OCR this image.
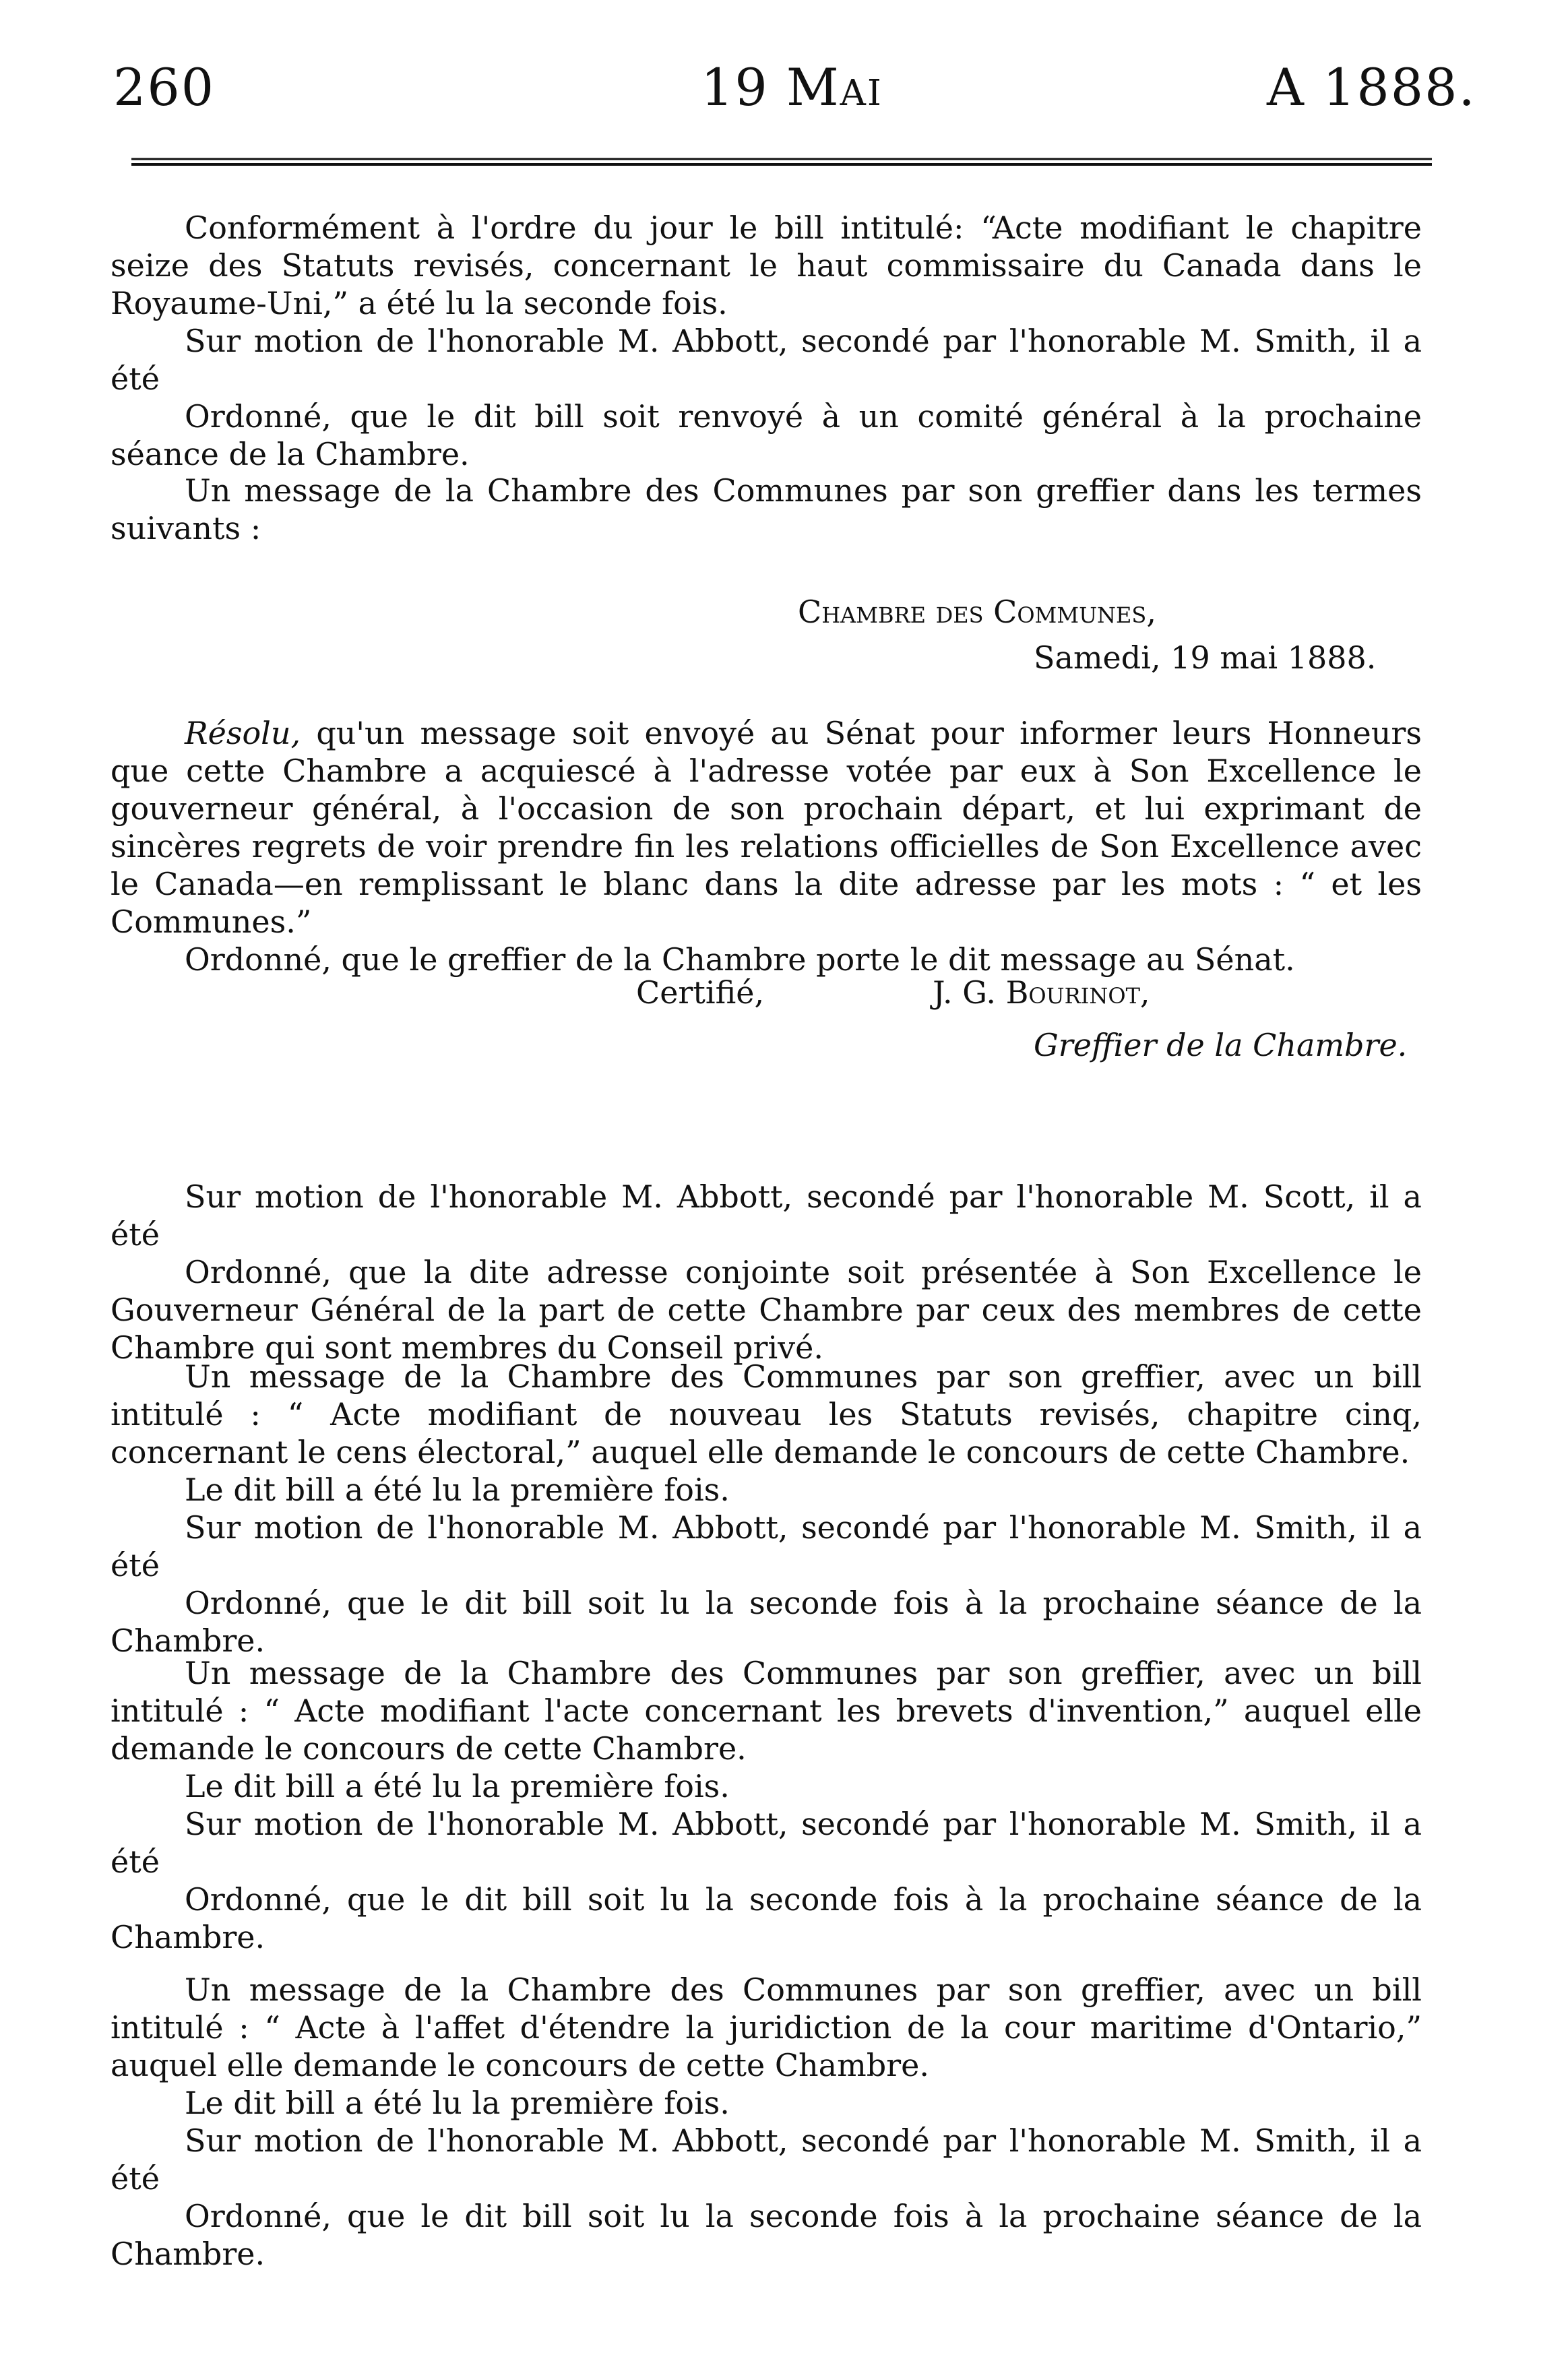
260	19 Mai	A 1888.

Conformément à l'ordre du jour le bill intitulé: “Acte modifiant le chapitre seize des Statuts revisés, concernant le haut commissaire du Canada dans le Royaume-Uni,” a été lu la seconde fois.

Sur motion de l'honorable M. Abbott, secondé par l'honorable M. Smith, il a été

Ordonné, que le dit bill soit renvoyé à un comité général à la prochaine séance de la Chambre.

Un message de la Chambre des Communes par son greffier dans les termes suivants :

Chambre des Communes,

Samedi, 19 mai 1888.

Résolu, qu'un message soit envoyé au Sénat pour informer leurs Honneurs que cette Chambre a acquiescé à l'adresse votée par eux à Son Excellence le gouverneur général, à l'occasion de son prochain départ, et lui exprimant de sincères regrets de voir prendre fin les relations officielles de Son Excellence avec le Canada—en remplissant le blanc dans la dite adresse par les mots : “ et les Communes.”

Ordonné, que le greffier de la Chambre porte le dit message au Sénat.

Certifié,	J. G. Bourinot,
Greffier de la Chambre.

Sur motion de l'honorable M. Abbott, secondé par l'honorable M. Scott, il a été

Ordonné, que la dite adresse conjointe soit présentée à Son Excellence le Gouverneur Général de la part de cette Chambre par ceux des membres de cette Chambre qui sont membres du Conseil privé.

Un message de la Chambre des Communes par son greffier, avec un bill intitulé : “ Acte modifiant de nouveau les Statuts revisés, chapitre cinq, concernant le cens électoral,” auquel elle demande le concours de cette Chambre.

Le dit bill a été lu la première fois.

Sur motion de l'honorable M. Abbott, secondé par l'honorable M. Smith, il a été

Ordonné, que le dit bill soit lu la seconde fois à la prochaine séance de la Chambre.

Un message de la Chambre des Communes par son greffier, avec un bill intitulé : “ Acte modifiant l'acte concernant les brevets d'invention,” auquel elle demande le concours de cette Chambre.

Le dit bill a été lu la première fois.

Sur motion de l'honorable M. Abbott, secondé par l'honorable M. Smith, il a été

Ordonné, que le dit bill soit lu la seconde fois à la prochaine séance de la Chambre.

Un message de la Chambre des Communes par son greffier, avec un bill intitulé : “ Acte à l'affet d'étendre la juridiction de la cour maritime d'Ontario,” auquel elle demande le concours de cette Chambre.

Le dit bill a été lu la première fois.

Sur motion de l'honorable M. Abbott, secondé par l'honorable M. Smith, il a été

Ordonné, que le dit bill soit lu la seconde fois à la prochaine séance de la Chambre.
